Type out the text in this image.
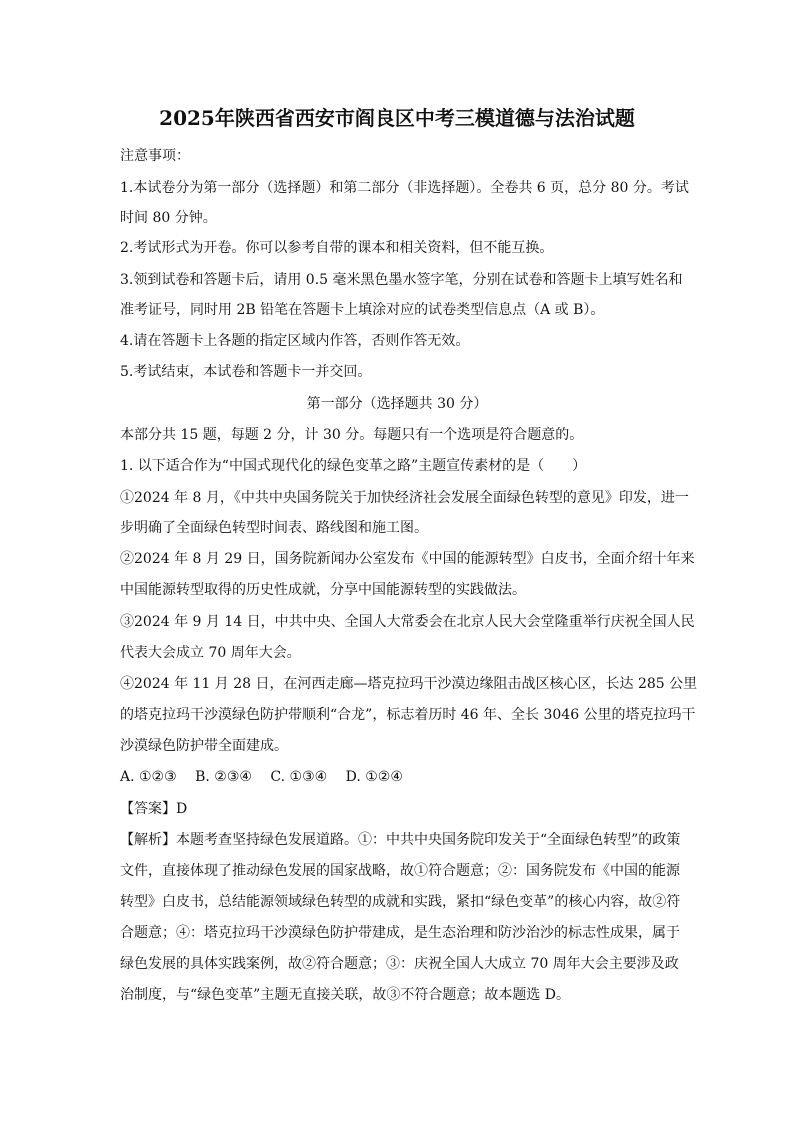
2025年陕西省西安市阎良区中考三模道德与法治试题
注意事项：
1.本试卷分为第一部分（选择题）和第二部分（非选择题）。全卷共 6 页，总分 80 分。考试
时间 80 分钟。
2.考试形式为开卷。你可以参考自带的课本和相关资料，但不能互换。
3.领到试卷和答题卡后，请用 0.5 毫米黑色墨水签字笔，分别在试卷和答题卡上填写姓名和
准考证号，同时用 2B 铅笔在答题卡上填涂对应的试卷类型信息点（A 或 B）。
4.请在答题卡上各题的指定区域内作答，否则作答无效。
5.考试结束，本试卷和答题卡一并交回。
第一部分（选择题共 30 分）
本部分共 15 题，每题 2 分，计 30 分。每题只有一个选项是符合题意的。
1. 以下适合作为“中国式现代化的绿色变革之路”主题宣传素材的是（　　）
①2024 年 8 月，《中共中央国务院关于加快经济社会发展全面绿色转型的意见》印发，进一
步明确了全面绿色转型时间表、路线图和施工图。
②2024 年 8 月 29 日，国务院新闻办公室发布《中国的能源转型》白皮书，全面介绍十年来
中国能源转型取得的历史性成就，分享中国能源转型的实践做法。
③2024 年 9 月 14 日，中共中央、全国人大常委会在北京人民大会堂隆重举行庆祝全国人民
代表大会成立 70 周年大会。
④2024 年 11 月 28 日，在河西走廊—塔克拉玛干沙漠边缘阻击战区核心区，长达 285 公里
的塔克拉玛干沙漠绿色防护带顺利“合龙”，标志着历时 46 年、全长 3046 公里的塔克拉玛干
沙漠绿色防护带全面建成。
A. ①②③　 B. ②③④　 C. ①③④　 D. ①②④
【答案】D
【解析】本题考查坚持绿色发展道路。①：中共中央国务院印发关于“全面绿色转型”的政策
文件，直接体现了推动绿色发展的国家战略，故①符合题意；②：国务院发布《中国的能源
转型》白皮书，总结能源领域绿色转型的成就和实践，紧扣“绿色变革”的核心内容，故②符
合题意；④：塔克拉玛干沙漠绿色防护带建成，是生态治理和防沙治沙的标志性成果，属于
绿色发展的具体实践案例，故②符合题意；③：庆祝全国人大成立 70 周年大会主要涉及政
治制度，与“绿色变革”主题无直接关联，故③不符合题意；故本题选 D。
